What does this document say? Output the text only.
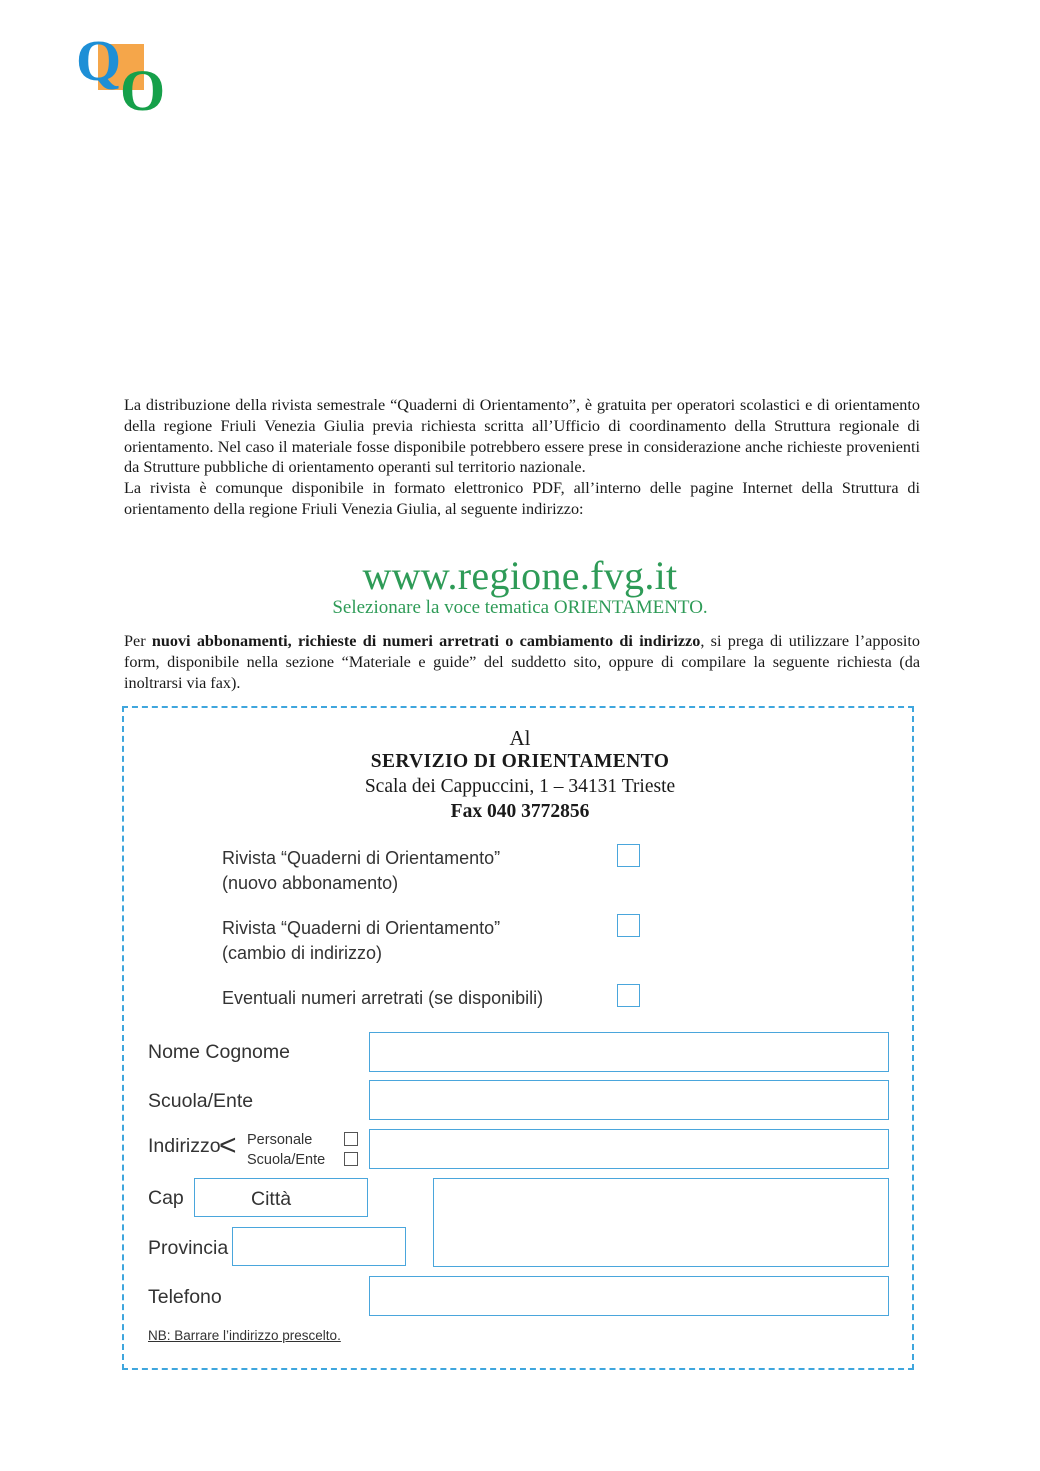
Q
O

La distribuzione della rivista semestrale “Quaderni di Orientamento”, è gratuita per operatori scolastici e di orientamento della regione Friuli Venezia Giulia previa richiesta scritta all’Ufficio di coordinamento della Struttura regionale di orientamento. Nel caso il materiale fosse disponibile potrebbero essere prese in considerazione anche richieste provenienti da Strutture pubbliche di orientamento operanti sul territorio nazionale.

La rivista è comunque disponibile in formato elettronico PDF, all’interno delle pagine Internet della Struttura di orientamento della regione Friuli Venezia Giulia, al seguente indirizzo:

www.regione.fvg.it
Selezionare la voce tematica ORIENTAMENTO.

Per nuovi abbonamenti, richieste di numeri arretrati o cambiamento di indirizzo, si prega di utilizzare l’apposito form, disponibile nella sezione “Materiale e guide” del suddetto sito, oppure di compilare la seguente richiesta (da inoltrarsi via fax).

Al
SERVIZIO DI ORIENTAMENTO
Scala dei Cappuccini, 1 – 34131 Trieste
Fax 040 3772856
Rivista “Quaderni di Orientamento”
(nuovo abbonamento)
Rivista “Quaderni di Orientamento”
(cambio di indirizzo)
Eventuali numeri arretrati (se disponibili)
Nome Cognome
Scuola/Ente
Indirizzo
< Personale
Scuola/Ente
Cap	Città
Provincia
Telefono
NB: Barrare l’indirizzo prescelto.
